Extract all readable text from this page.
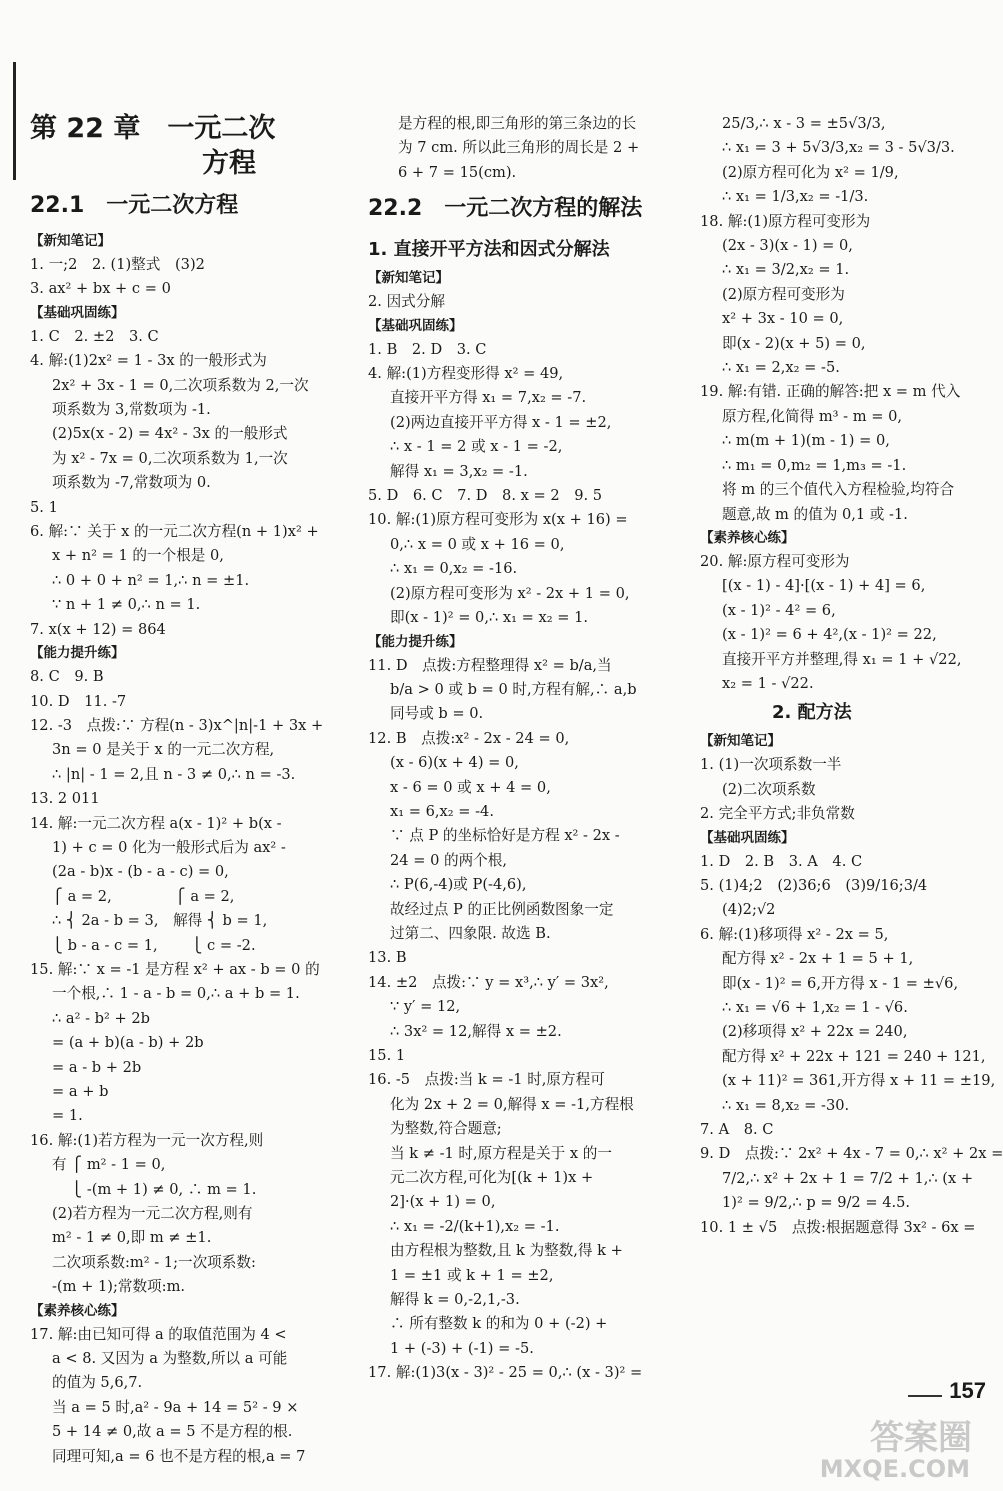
第 22 章　一元二次
方程
22.1　一元二次方程
【新知笔记】
1. 一;2　2. (1)整式　(3)2
3. ax² + bx + c = 0
【基础巩固练】
1. C　2. ±2　3. C
4. 解:(1)2x² = 1 - 3x 的一般形式为
2x² + 3x - 1 = 0,二次项系数为 2,一次
项系数为 3,常数项为 -1.
(2)5x(x - 2) = 4x² - 3x 的一般形式
为 x² - 7x = 0,二次项系数为 1,一次
项系数为 -7,常数项为 0.
5. 1
6. 解:∵ 关于 x 的一元二次方程(n + 1)x² +
x + n² = 1 的一个根是 0,
∴ 0 + 0 + n² = 1,∴ n = ±1.
∵ n + 1 ≠ 0,∴ n = 1.
7. x(x + 12) = 864
【能力提升练】
8. C　9. B
10. D　11. -7
12. -3　点拨:∵ 方程(n - 3)x^|n|-1 + 3x +
3n = 0 是关于 x 的一元二次方程,
∴ |n| - 1 = 2,且 n - 3 ≠ 0,∴ n = -3.
13. 2 011
14. 解:一元二次方程 a(x - 1)² + b(x -
1) + c = 0 化为一般形式后为 ax² -
(2a - b)x - (b - a - c) = 0,
⎧ a = 2,　　　　 ⎧ a = 2,
∴ ⎨ 2a - b = 3,　解得 ⎨ b = 1,
⎩ b - a - c = 1,　　 ⎩ c = -2.
15. 解:∵ x = -1 是方程 x² + ax - b = 0 的
一个根,∴ 1 - a - b = 0,∴ a + b = 1.
∴ a² - b² + 2b
= (a + b)(a - b) + 2b
= a - b + 2b
= a + b
= 1.
16. 解:(1)若方程为一元一次方程,则
有 ⎧ m² - 1 = 0,
　 ⎩ -(m + 1) ≠ 0, ∴ m = 1.
(2)若方程为一元二次方程,则有
m² - 1 ≠ 0,即 m ≠ ±1.
二次项系数:m² - 1;一次项系数:
-(m + 1);常数项:m.
【素养核心练】
17. 解:由已知可得 a 的取值范围为 4 <
a < 8. 又因为 a 为整数,所以 a 可能
的值为 5,6,7.
当 a = 5 时,a² - 9a + 14 = 5² - 9 ×
5 + 14 ≠ 0,故 a = 5 不是方程的根.
同理可知,a = 6 也不是方程的根,a = 7
是方程的根,即三角形的第三条边的长
为 7 cm. 所以此三角形的周长是 2 +
6 + 7 = 15(cm).
22.2　一元二次方程的解法
1. 直接开平方法和因式分解法
【新知笔记】
2. 因式分解
【基础巩固练】
1. B　2. D　3. C
4. 解:(1)方程变形得 x² = 49,
直接开平方得 x₁ = 7,x₂ = -7.
(2)两边直接开平方得 x - 1 = ±2,
∴ x - 1 = 2 或 x - 1 = -2,
解得 x₁ = 3,x₂ = -1.
5. D　6. C　7. D　8. x = 2　9. 5
10. 解:(1)原方程可变形为 x(x + 16) =
0,∴ x = 0 或 x + 16 = 0,
∴ x₁ = 0,x₂ = -16.
(2)原方程可变形为 x² - 2x + 1 = 0,
即(x - 1)² = 0,∴ x₁ = x₂ = 1.
【能力提升练】
11. D　点拨:方程整理得 x² = b/a,当
b/a > 0 或 b = 0 时,方程有解,∴ a,b
同号或 b = 0.
12. B　点拨:x² - 2x - 24 = 0,
(x - 6)(x + 4) = 0,
x - 6 = 0 或 x + 4 = 0,
x₁ = 6,x₂ = -4.
∵ 点 P 的坐标恰好是方程 x² - 2x -
24 = 0 的两个根,
∴ P(6,-4)或 P(-4,6),
故经过点 P 的正比例函数图象一定
过第二、四象限. 故选 B.
13. B
14. ±2　点拨:∵ y = x³,∴ y′ = 3x²,
∵ y′ = 12,
∴ 3x² = 12,解得 x = ±2.
15. 1
16. -5　点拨:当 k = -1 时,原方程可
化为 2x + 2 = 0,解得 x = -1,方程根
为整数,符合题意;
当 k ≠ -1 时,原方程是关于 x 的一
元二次方程,可化为[(k + 1)x +
2]·(x + 1) = 0,
∴ x₁ = -2/(k+1),x₂ = -1.
由方程根为整数,且 k 为整数,得 k +
1 = ±1 或 k + 1 = ±2,
解得 k = 0,-2,1,-3.
∴ 所有整数 k 的和为 0 + (-2) +
1 + (-3) + (-1) = -5.
17. 解:(1)3(x - 3)² - 25 = 0,∴ (x - 3)² =
25/3,∴ x - 3 = ±5√3/3,
∴ x₁ = 3 + 5√3/3,x₂ = 3 - 5√3/3.
(2)原方程可化为 x² = 1/9,
∴ x₁ = 1/3,x₂ = -1/3.
18. 解:(1)原方程可变形为
(2x - 3)(x - 1) = 0,
∴ x₁ = 3/2,x₂ = 1.
(2)原方程可变形为
x² + 3x - 10 = 0,
即(x - 2)(x + 5) = 0,
∴ x₁ = 2,x₂ = -5.
19. 解:有错. 正确的解答:把 x = m 代入
原方程,化简得 m³ - m = 0,
∴ m(m + 1)(m - 1) = 0,
∴ m₁ = 0,m₂ = 1,m₃ = -1.
将 m 的三个值代入方程检验,均符合
题意,故 m 的值为 0,1 或 -1.
【素养核心练】
20. 解:原方程可变形为
[(x - 1) - 4]·[(x - 1) + 4] = 6,
(x - 1)² - 4² = 6,
(x - 1)² = 6 + 4²,(x - 1)² = 22,
直接开平方并整理,得 x₁ = 1 + √22,
x₂ = 1 - √22.
　　　　2. 配方法
【新知笔记】
1. (1)一次项系数一半
(2)二次项系数
2. 完全平方式;非负常数
【基础巩固练】
1. D　2. B　3. A　4. C
5. (1)4;2　(2)36;6　(3)9/16;3/4
(4)2;√2
6. 解:(1)移项得 x² - 2x = 5,
配方得 x² - 2x + 1 = 5 + 1,
即(x - 1)² = 6,开方得 x - 1 = ±√6,
∴ x₁ = √6 + 1,x₂ = 1 - √6.
(2)移项得 x² + 22x = 240,
配方得 x² + 22x + 121 = 240 + 121,
(x + 11)² = 361,开方得 x + 11 = ±19,
∴ x₁ = 8,x₂ = -30.
7. A　8. C
9. D　点拨:∵ 2x² + 4x - 7 = 0,∴ x² + 2x =
7/2,∴ x² + 2x + 1 = 7/2 + 1,∴ (x +
1)² = 9/2,∴ p = 9/2 = 4.5.
10. 1 ± √5　点拨:根据题意得 3x² - 6x =
157
答案圈
MXQE.COM
